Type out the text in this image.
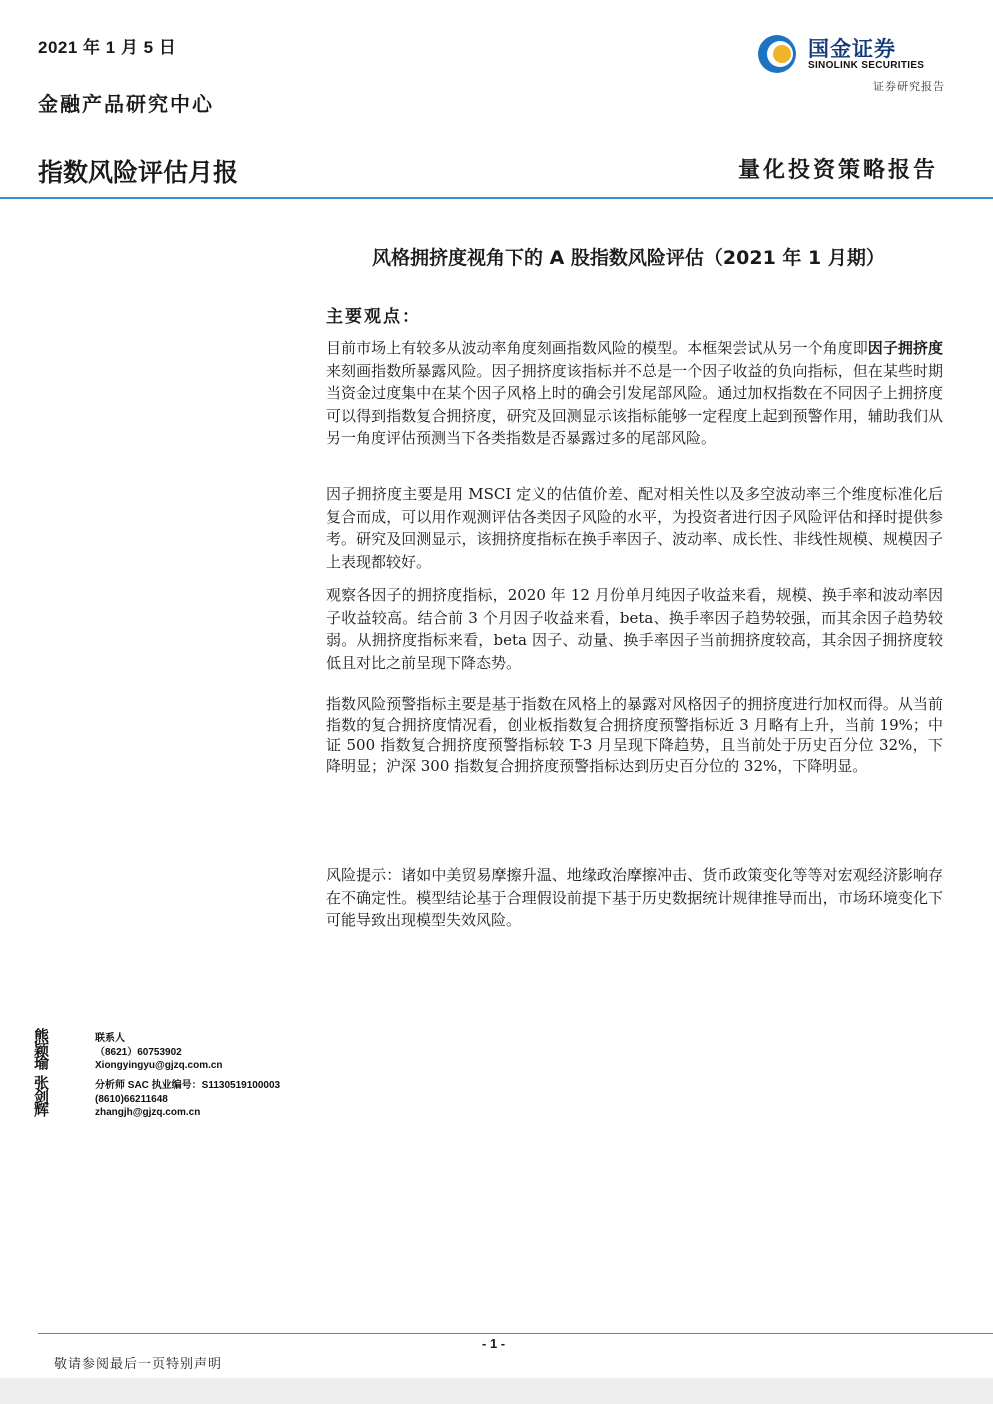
2021 年 1 月 5 日
金融产品研究中心
指数风险评估月报	量化投资策略报告
国金证券
SINOLINK SECURITIES
证券研究报告
风格拥挤度视角下的 A 股指数风险评估（2021 年 1 月期）
主要观点：
目前市场上有较多从波动率角度刻画指数风险的模型。本框架尝试从另一个角度即因子拥挤度来刻画指数所暴露风险。因子拥挤度该指标并不总是一个因子收益的负向指标，但在某些时期当资金过度集中在某个因子风格上时的确会引发尾部风险。通过加权指数在不同因子上拥挤度可以得到指数复合拥挤度，研究及回测显示该指标能够一定程度上起到预警作用，辅助我们从另一角度评估预测当下各类指数是否暴露过多的尾部风险。
因子拥挤度主要是用 MSCI 定义的估值价差、配对相关性以及多空波动率三个维度标准化后复合而成，可以用作观测评估各类因子风险的水平，为投资者进行因子风险评估和择时提供参考。研究及回测显示，该拥挤度指标在换手率因子、波动率、成长性、非线性规模、规模因子上表现都较好。
观察各因子的拥挤度指标，2020 年 12 月份单月纯因子收益来看，规模、换手率和波动率因子收益较高。结合前 3 个月因子收益来看，beta、换手率因子趋势较强，而其余因子趋势较弱。从拥挤度指标来看，beta 因子、动量、换手率因子当前拥挤度较高，其余因子拥挤度较低且对比之前呈现下降态势。
指数风险预警指标主要是基于指数在风格上的暴露对风格因子的拥挤度进行加权而得。从当前指数的复合拥挤度情况看，创业板指数复合拥挤度预警指标近 3 月略有上升，当前 19%；中证 500 指数复合拥挤度预警指标较 T-3 月呈现下降趋势，且当前处于历史百分位 32%，下降明显；沪深 300 指数复合拥挤度预警指标达到历史百分位的 32%，下降明显。
风险提示：诸如中美贸易摩擦升温、地缘政治摩擦冲击、货币政策变化等等对宏观经济影响存在不确定性。模型结论基于合理假设前提下基于历史数据统计规律推导而出，市场环境变化下可能导致出现模型失效风险。
熊颖瑜
联系人
（8621）60753902
Xiongyingyu@gjzq.com.cn
张剑辉
分析师 SAC 执业编号：S1130519100003
(8610)66211648
zhangjh@gjzq.com.cn
- 1 -
敬请参阅最后一页特别声明
